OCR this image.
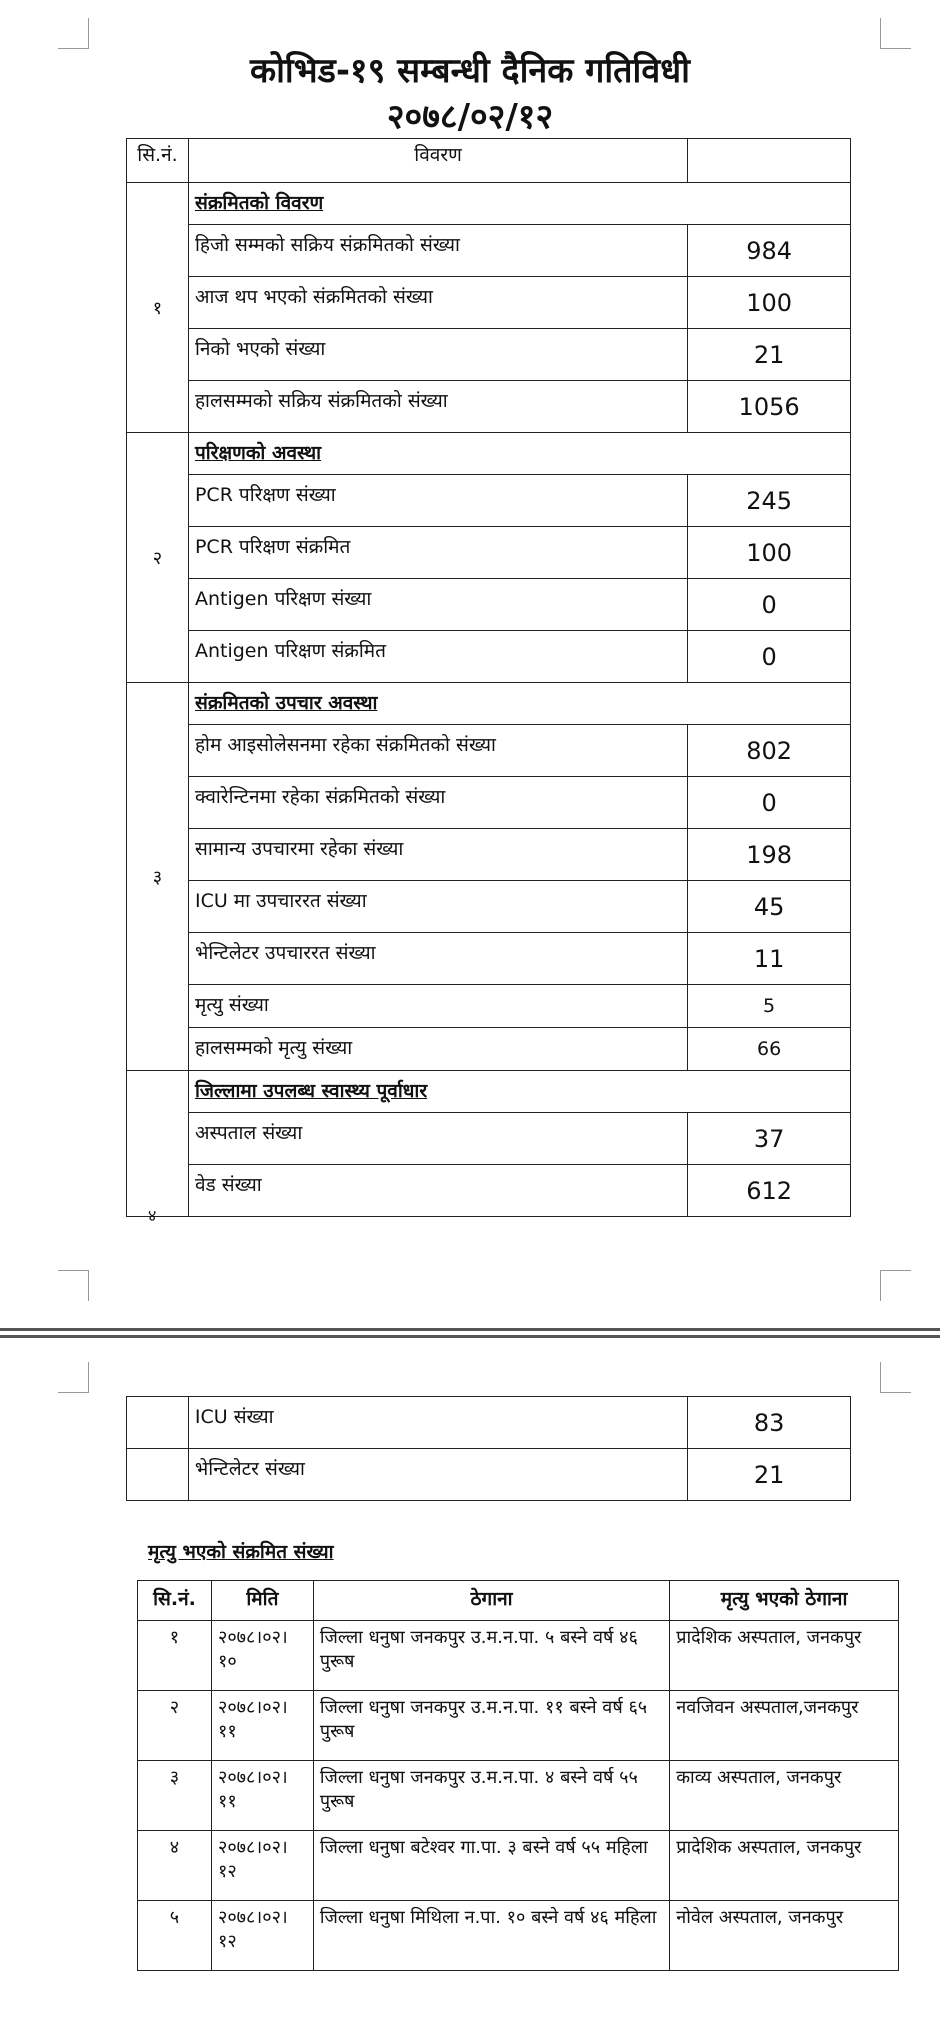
कोभिड-१९ सम्बन्धी दैनिक गतिविधी
२०७८/०२/१२
सि.नं.	विवरण	
१	संक्रमितको विवरण	
	हिजो सम्मको सक्रिय संक्रमितको संख्या	984
	आज थप भएको संक्रमितको संख्या	100
	निको भएको संख्या	21
	हालसम्मको सक्रिय संक्रमितको संख्या	1056
२	परिक्षणको अवस्था	
	PCR परिक्षण संख्या	245
	PCR परिक्षण संक्रमित	100
	Antigen परिक्षण संख्या	0
	Antigen परिक्षण संक्रमित	0
३	संक्रमितको उपचार अवस्था	
	होम आइसोलेसनमा रहेका संक्रमितको संख्या	802
	क्वारेन्टिनमा रहेका संक्रमितको संख्या	0
	सामान्य उपचारमा रहेका संख्या	198
	ICU मा उपचाररत संख्या	45
	भेन्टिलेटर उपचाररत संख्या	11
	मृत्यु संख्या	5
	हालसम्मको मृत्यु संख्या	66
	जिल्लामा उपलब्ध स्वास्थ्य पूर्वाधार	
	अस्पताल संख्या	37
	वेड संख्या	612
४
	ICU संख्या	83
	भेन्टिलेटर संख्या	21
मृत्यु भएको संक्रमित संख्या
सि.नं.	मिति	ठेगाना	मृत्यु भएको ठेगाना
१	२०७८।०२। १०	जिल्ला धनुषा जनकपुर उ.म.न.पा. ५ बस्ने वर्ष ४६ पुरूष	प्रादेशिक अस्पताल, जनकपुर
२	२०७८।०२। ११	जिल्ला धनुषा जनकपुर उ.म.न.पा. ११ बस्ने वर्ष ६५ पुरूष	नवजिवन अस्पताल,जनकपुर
३	२०७८।०२। ११	जिल्ला धनुषा जनकपुर उ.म.न.पा. ४ बस्ने वर्ष ५५ पुरूष	काव्य अस्पताल, जनकपुर
४	२०७८।०२। १२	जिल्ला धनुषा बटेश्वर गा.पा. ३ बस्ने वर्ष ५५ महिला	प्रादेशिक अस्पताल, जनकपुर
५	२०७८।०२। १२	जिल्ला धनुषा मिथिला न.पा. १० बस्ने वर्ष ४६ महिला	नोवेल अस्पताल, जनकपुर
